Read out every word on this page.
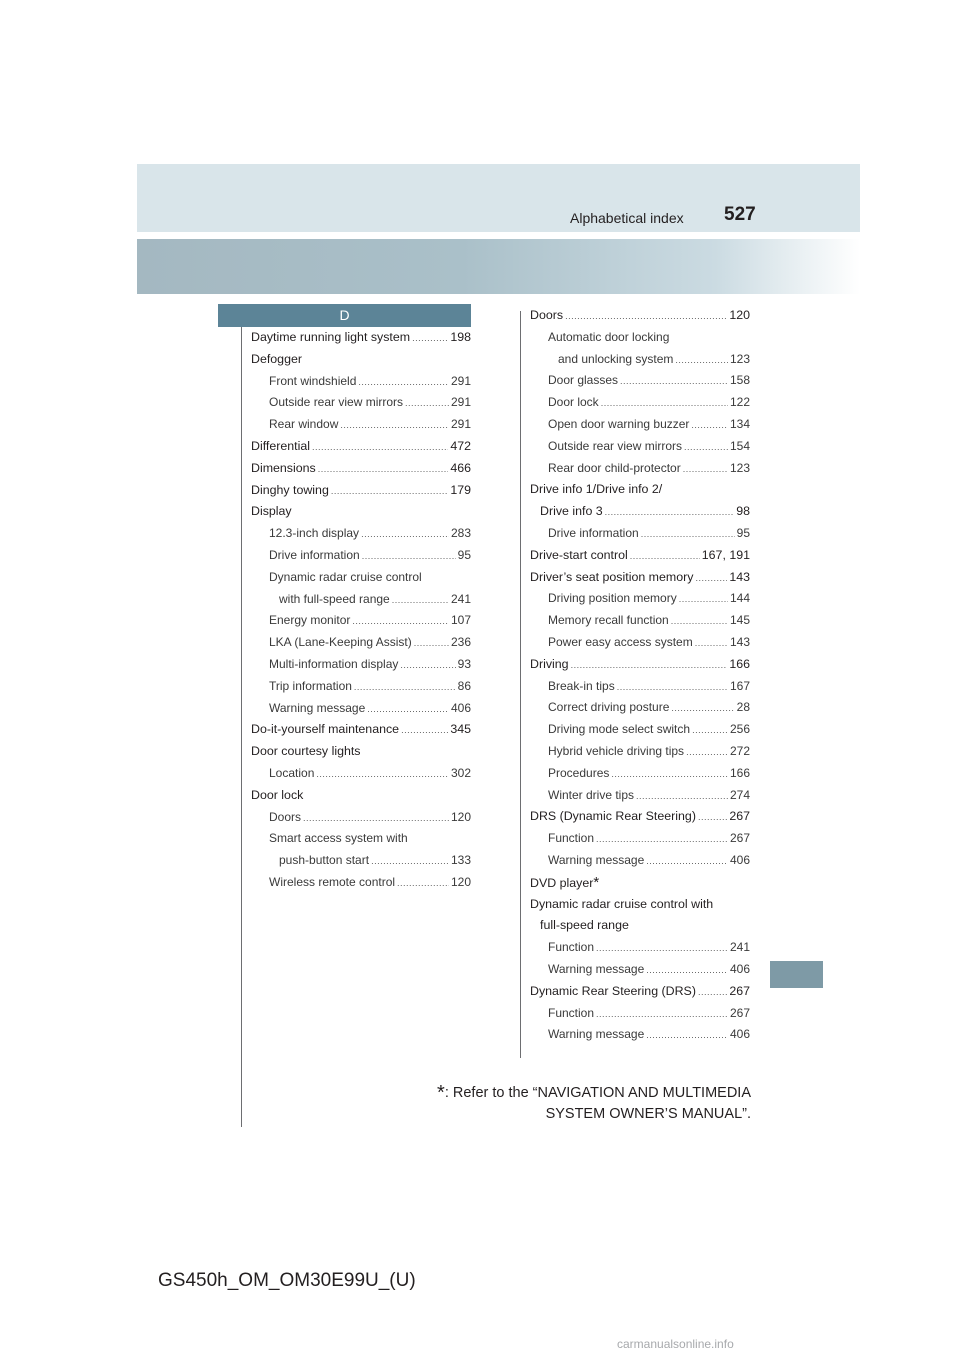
Alphabetical index 527
D
Daytime running light system .....	198
Defogger
Front windshield .....	291
Outside rear view mirrors .....	291
Rear window .....	291
Differential .....	472
Dimensions .....	466
Dinghy towing .....	179
Display
12.3-inch display .....	283
Drive information .....	95
Dynamic radar cruise control
with full-speed range .....	241
Energy monitor .....	107
LKA (Lane-Keeping Assist) .....	236
Multi-information display .....	93
Trip information .....	86
Warning message .....	406
Do-it-yourself maintenance .....	345
Door courtesy lights
Location .....	302
Door lock
Doors .....	120
Smart access system with
push-button start .....	133
Wireless remote control .....	120
Doors .....	120
Automatic door locking
and unlocking system .....	123
Door glasses .....	158
Door lock .....	122
Open door warning buzzer .....	134
Outside rear view mirrors .....	154
Rear door child-protector .....	123
Drive info 1/Drive info 2/
Drive info 3 .....	98
Drive information .....	95
Drive-start control .....	167, 191
Driver’s seat position memory .....	143
Driving position memory .....	144
Memory recall function .....	145
Power easy access system .....	143
Driving .....	166
Break-in tips .....	167
Correct driving posture .....	28
Driving mode select switch .....	256
Hybrid vehicle driving tips .....	272
Procedures .....	166
Winter drive tips .....	274
DRS (Dynamic Rear Steering) .....	267
Function .....	267
Warning message .....	406
DVD player *
Dynamic radar cruise control with
full-speed range
Function .....	241
Warning message .....	406
Dynamic Rear Steering (DRS) .....	267
Function .....	267
Warning message .....	406
*: Refer to the “NAVIGATION AND MULTIMEDIA
SYSTEM OWNER’S MANUAL”.
GS450h_OM_OM30E99U_(U)
carmanualsonline.info
